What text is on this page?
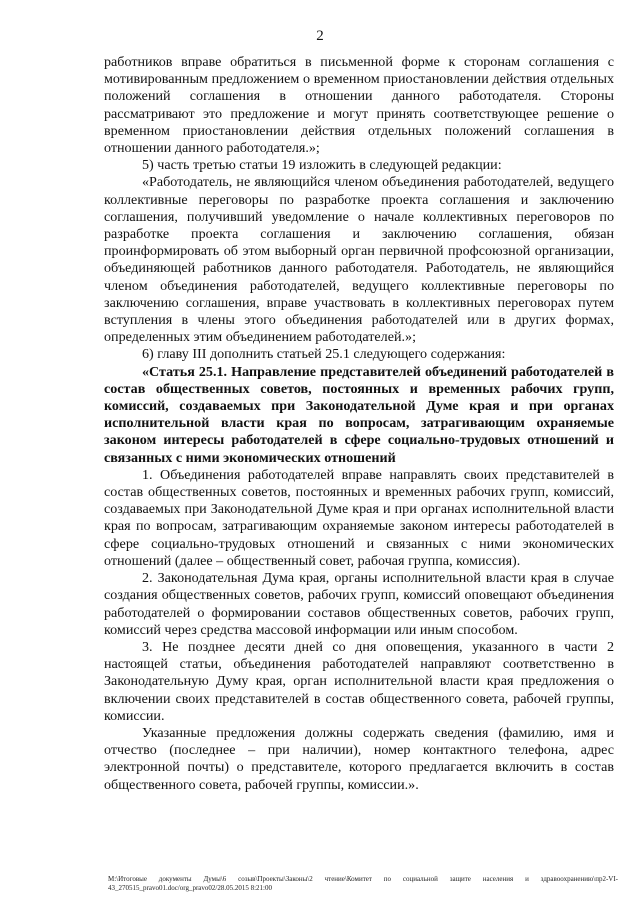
2

работников вправе обратиться в письменной форме к сторонам соглашения с мотивированным предложением о временном приостановлении действия отдельных положений соглашения в отношении данного работодателя. Стороны рассматривают это предложение и могут принять соответствующее решение о временном приостановлении действия отдельных положений соглашения в отношении данного работодателя.»;

5) часть третью статьи 19 изложить в следующей редакции:

«Работодатель, не являющийся членом объединения работодателей, ведущего коллективные переговоры по разработке проекта соглашения и заключению соглашения, получивший уведомление о начале коллективных переговоров по разработке проекта соглашения и заключению соглашения, обязан проинформировать об этом выборный орган первичной профсоюзной организации, объединяющей работников данного работодателя. Работодатель, не являющийся членом объединения работодателей, ведущего коллективные переговоры по заключению соглашения, вправе участвовать в коллективных переговорах путем вступления в члены этого объединения работодателей или в других формах, определенных этим объединением работодателей.»;

6) главу III дополнить статьей 25.1 следующего содержания:

«Статья 25.1. Направление представителей объединений работодателей в состав общественных советов, постоянных и временных рабочих групп, комиссий, создаваемых при Законодательной Думе края и при органах исполнительной власти края по вопросам, затрагивающим охраняемые законом интересы работодателей в сфере социально-трудовых отношений и связанных с ними экономических отношений

1. Объединения работодателей вправе направлять своих представителей в состав общественных советов, постоянных и временных рабочих групп, комиссий, создаваемых при Законодательной Думе края и при органах исполнительной власти края по вопросам, затрагивающим охраняемые законом интересы работодателей в сфере социально-трудовых отношений и связанных с ними экономических отношений (далее – общественный совет, рабочая группа, комиссия).

2. Законодательная Дума края, органы исполнительной власти края в случае создания общественных советов, рабочих групп, комиссий оповещают объединения работодателей о формировании составов общественных советов, рабочих групп, комиссий через средства массовой информации или иным способом.

3. Не позднее десяти дней со дня оповещения, указанного в части 2 настоящей статьи, объединения работодателей направляют соответственно в Законодательную Думу края, орган исполнительной власти края предложения о включении своих представителей в состав общественного совета, рабочей группы, комиссии.

Указанные предложения должны содержать сведения (фамилию, имя и отчество (последнее – при наличии), номер контактного телефона, адрес электронной почты) о представителе, которого предлагается включить в состав общественного совета, рабочей группы, комиссии.».

M:\Итоговые документы Думы\6 созыв\Проекты\Законы\2 чтение\Комитет по социальной защите населения и здравоохранению\пр2-VI-43_270515_pravo01.doc/org_pravo02/28.05.2015 8:21:00
